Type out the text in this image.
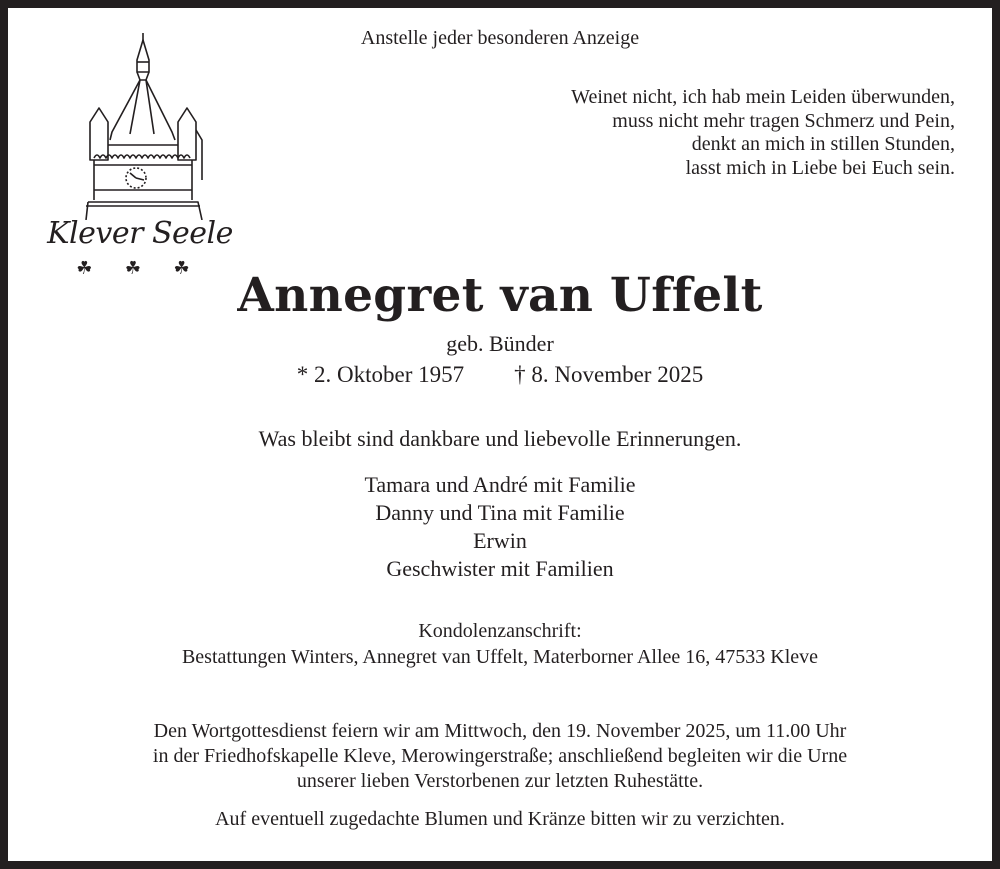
Klever Seele
☘ ☘ ☘
Anstelle jeder besonderen Anzeige
Weinet nicht, ich hab mein Leiden überwunden,
muss nicht mehr tragen Schmerz und Pein,
denkt an mich in stillen Stunden,
lasst mich in Liebe bei Euch sein.
Annegret van Uffelt
geb. Bünder
* 2. Oktober 1957 † 8. November 2025
Was bleibt sind dankbare und liebevolle Erinnerungen.
Tamara und André mit Familie
Danny und Tina mit Familie
Erwin
Geschwister mit Familien
Kondolenzanschrift:
Bestattungen Winters, Annegret van Uffelt, Materborner Allee 16, 47533 Kleve
Den Wortgottesdienst feiern wir am Mittwoch, den 19. November 2025, um 11.00 Uhr
in der Friedhofskapelle Kleve, Merowingerstraße; anschließend begleiten wir die Urne
unserer lieben Verstorbenen zur letzten Ruhestätte.
Auf eventuell zugedachte Blumen und Kränze bitten wir zu verzichten.
